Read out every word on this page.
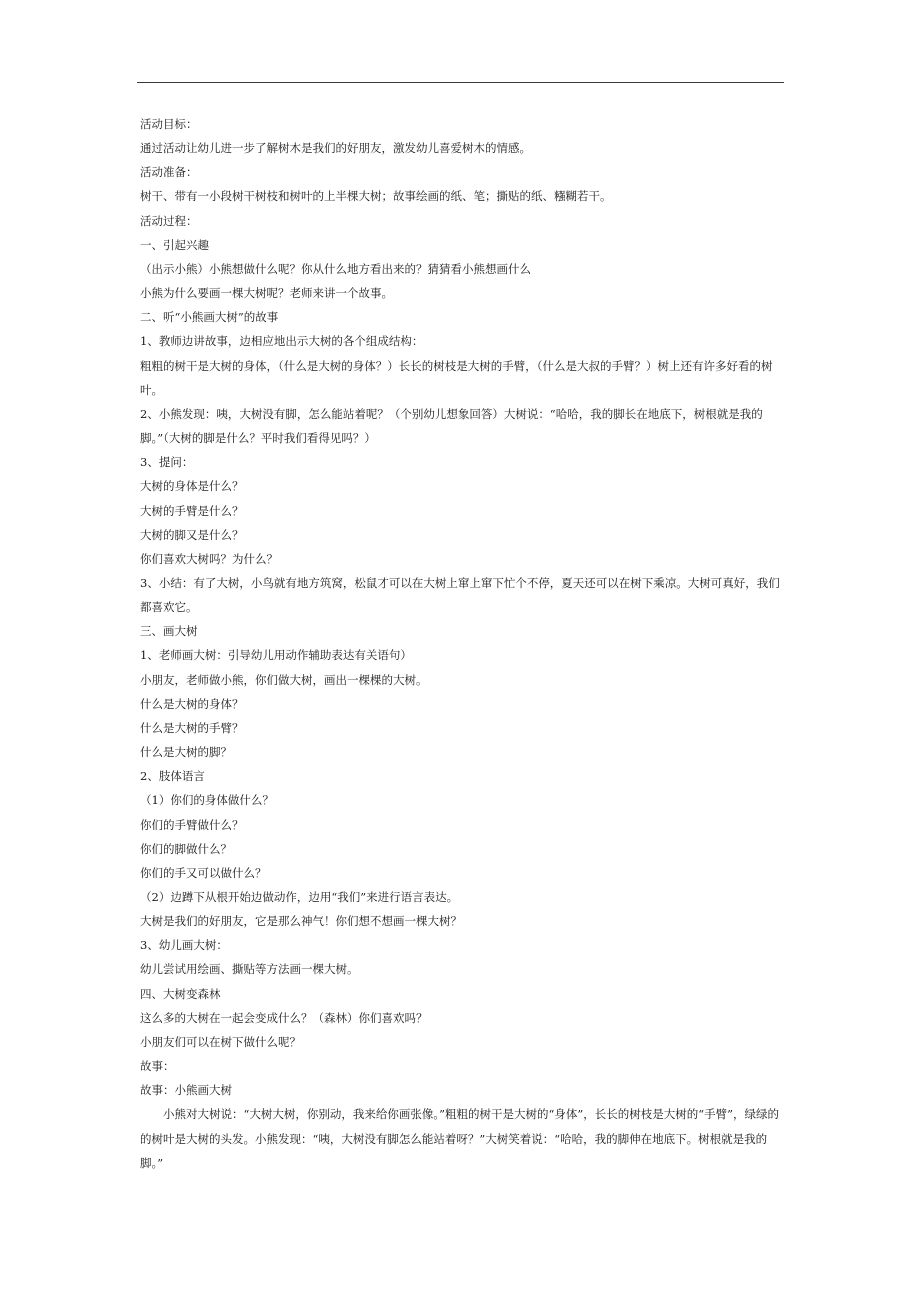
活动目标：
通过活动让幼儿进一步了解树木是我们的好朋友，激发幼儿喜爱树木的情感。
活动准备：
树干、带有一小段树干树枝和树叶的上半棵大树；故事绘画的纸、笔；撕贴的纸、糨糊若干。
活动过程：
一、引起兴趣
（出示小熊）小熊想做什么呢？你从什么地方看出来的？猜猜看小熊想画什么
小熊为什么要画一棵大树呢？老师来讲一个故事。
二、听“小熊画大树”的故事
1、教师边讲故事，边相应地出示大树的各个组成结构：
粗粗的树干是大树的身体，（什么是大树的身体？）长长的树枝是大树的手臂，（什么是大叔的手臂？）树上还有许多好看的树叶。
2、小熊发现：咦，大树没有脚，怎么能站着呢？（个别幼儿想象回答）大树说：“哈哈，我的脚长在地底下，树根就是我的脚。”（大树的脚是什么？平时我们看得见吗？）
3、提问：
大树的身体是什么？
大树的手臂是什么？
大树的脚又是什么？
你们喜欢大树吗？为什么？
3、小结：有了大树，小鸟就有地方筑窝，松鼠才可以在大树上窜上窜下忙个不停，夏天还可以在树下乘凉。大树可真好，我们都喜欢它。
三、画大树
1、老师画大树：引导幼儿用动作辅助表达有关语句）
小朋友，老师做小熊，你们做大树，画出一棵棵的大树。
什么是大树的身体？
什么是大树的手臂？
什么是大树的脚？
2、肢体语言
（1）你们的身体做什么？
你们的手臂做什么？
你们的脚做什么？
你们的手又可以做什么？
（2）边蹲下从根开始边做动作，边用“我们”来进行语言表达。
大树是我们的好朋友，它是那么神气！你们想不想画一棵大树？
3、幼儿画大树：
幼儿尝试用绘画、撕贴等方法画一棵大树。
四、大树变森林
这么多的大树在一起会变成什么？（森林）你们喜欢吗？
小朋友们可以在树下做什么呢？
故事：
故事：小熊画大树
小熊对大树说：“大树大树，你别动，我来给你画张像。”粗粗的树干是大树的“身体”，长长的树枝是大树的“手臂”，绿绿的的树叶是大树的头发。小熊发现：“咦，大树没有脚怎么能站着呀？”大树笑着说：“哈哈，我的脚伸在地底下。树根就是我的脚。”
